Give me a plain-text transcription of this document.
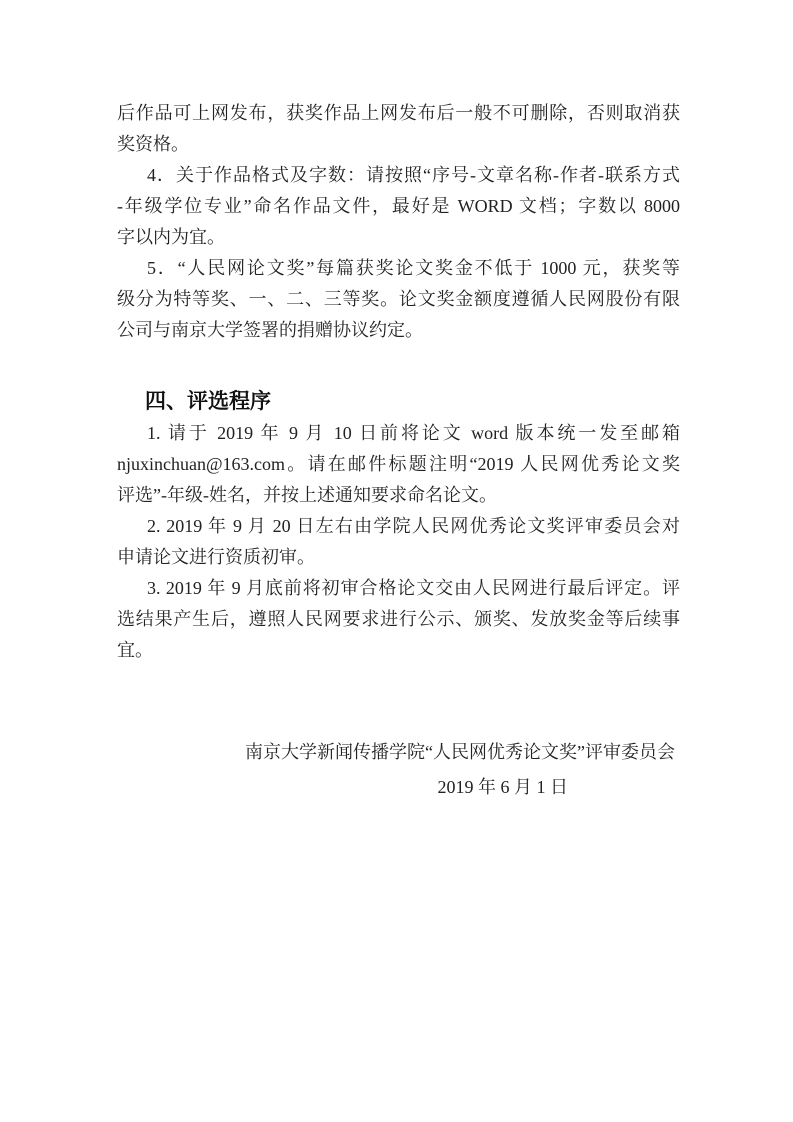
后作品可上网发布，获奖作品上网发布后一般不可删除，否则取消获
奖资格。
4．关于作品格式及字数：请按照“序号-文章名称-作者-联系方式
-年级学位专业”命名作品文件，最好是 WORD 文档；字数以 8000
字以内为宜。
5．“人民网论文奖”每篇获奖论文奖金不低于 1000 元，获奖等
级分为特等奖、一、二、三等奖。论文奖金额度遵循人民网股份有限
公司与南京大学签署的捐赠协议约定。
四、评选程序
1. 请于 2019 年 9 月 10 日前将论文 word 版本统一发至邮箱
njuxinchuan@163.com。请在邮件标题注明“2019 人民网优秀论文奖
评选”-年级-姓名，并按上述通知要求命名论文。
2. 2019 年 9 月 20 日左右由学院人民网优秀论文奖评审委员会对
申请论文进行资质初审。
3. 2019 年 9 月底前将初审合格论文交由人民网进行最后评定。评
选结果产生后，遵照人民网要求进行公示、颁奖、发放奖金等后续事
宜。
南京大学新闻传播学院“人民网优秀论文奖”评审委员会
2019 年 6 月 1 日
